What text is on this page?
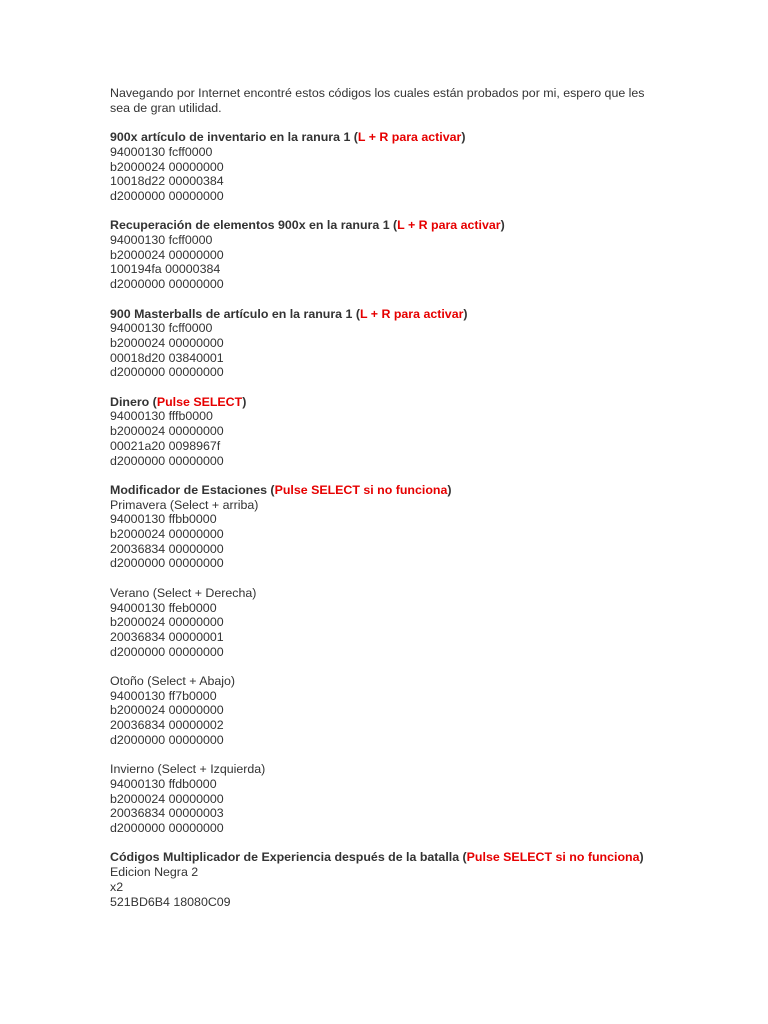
Navegando por Internet encontré estos códigos los cuales están probados por mi, espero que les sea de gran utilidad.
900x artículo de inventario en la ranura 1 (L + R para activar)
94000130 fcff0000
b2000024 00000000
10018d22 00000384
d2000000 00000000
Recuperación de elementos 900x en la ranura 1 (L + R para activar)
94000130 fcff0000
b2000024 00000000
100194fa 00000384
d2000000 00000000
900 Masterballs de artículo en la ranura 1 (L + R para activar)
94000130 fcff0000
b2000024 00000000
00018d20 03840001
d2000000 00000000
Dinero (Pulse SELECT)
94000130 fffb0000
b2000024 00000000
00021a20 0098967f
d2000000 00000000
Modificador de Estaciones (Pulse SELECT si no funciona)
Primavera (Select + arriba)
94000130 ffbb0000
b2000024 00000000
20036834 00000000
d2000000 00000000
Verano (Select + Derecha)
94000130 ffeb0000
b2000024 00000000
20036834 00000001
d2000000 00000000
Otoño (Select + Abajo)
94000130 ff7b0000
b2000024 00000000
20036834 00000002
d2000000 00000000
Invierno (Select + Izquierda)
94000130 ffdb0000
b2000024 00000000
20036834 00000003
d2000000 00000000
Códigos Multiplicador de Experiencia después de la batalla (Pulse SELECT si no funciona)
Edicion Negra 2
x2
521BD6B4 18080C09
